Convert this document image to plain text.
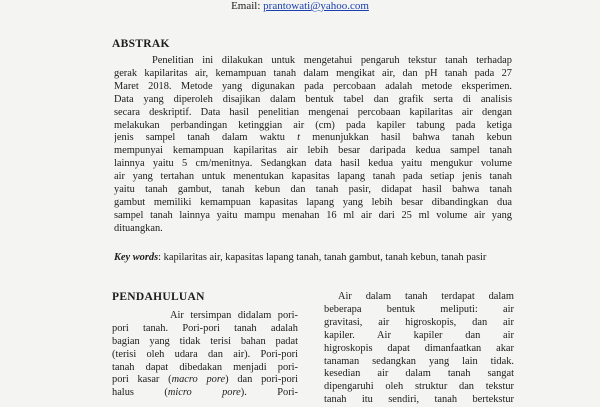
Email: prantowati@yahoo.com
ABSTRAK
Penelitian ini dilakukan untuk mengetahui pengaruh tekstur tanah terhadap
gerak kapilaritas air, kemampuan tanah dalam mengikat air, dan pH tanah pada 27
Maret 2018. Metode yang digunakan pada percobaan adalah metode eksperimen.
Data yang diperoleh disajikan dalam bentuk tabel dan grafik serta di analisis
secara deskriptif. Data hasil penelitian mengenai percobaan kapilaritas air dengan
melakukan perbandingan ketinggian air (cm) pada kapiler tabung pada ketiga
jenis sampel tanah dalam waktu t menunjukkan hasil bahwa tanah kebun
mempunyai kemampuan kapilaritas air lebih besar daripada kedua sampel tanah
lainnya yaitu 5 cm/menitnya. Sedangkan data hasil kedua yaitu mengukur volume
air yang tertahan untuk menentukan kapasitas lapang tanah pada setiap jenis tanah
yaitu tanah gambut, tanah kebun dan tanah pasir, didapat hasil bahwa tanah
gambut memiliki kemampuan kapasitas lapang yang lebih besar dibandingkan dua
sampel tanah lainnya yaitu mampu menahan 16 ml air dari 25 ml volume air yang
dituangkan.
Key words: kapilaritas air, kapasitas lapang tanah, tanah gambut, tanah kebun, tanah pasir
PENDAHULUAN
Air tersimpan didalam pori-
pori tanah. Pori-pori tanah adalah
bagian yang tidak terisi bahan padat
(terisi oleh udara dan air). Pori-pori
tanah dapat dibedakan menjadi pori-
pori kasar (macro pore) dan pori-pori
halus (micro pore). Pori-
Air dalam tanah terdapat dalam
beberapa bentuk meliputi: air
gravitasi, air higroskopis, dan air
kapiler. Air kapiler dan air
higroskopis dapat dimanfaatkan akar
tanaman sedangkan yang lain tidak.
kesedian air dalam tanah sangat
dipengaruhi oleh struktur dan tekstur
tanah itu sendiri, tanah bertekstur
